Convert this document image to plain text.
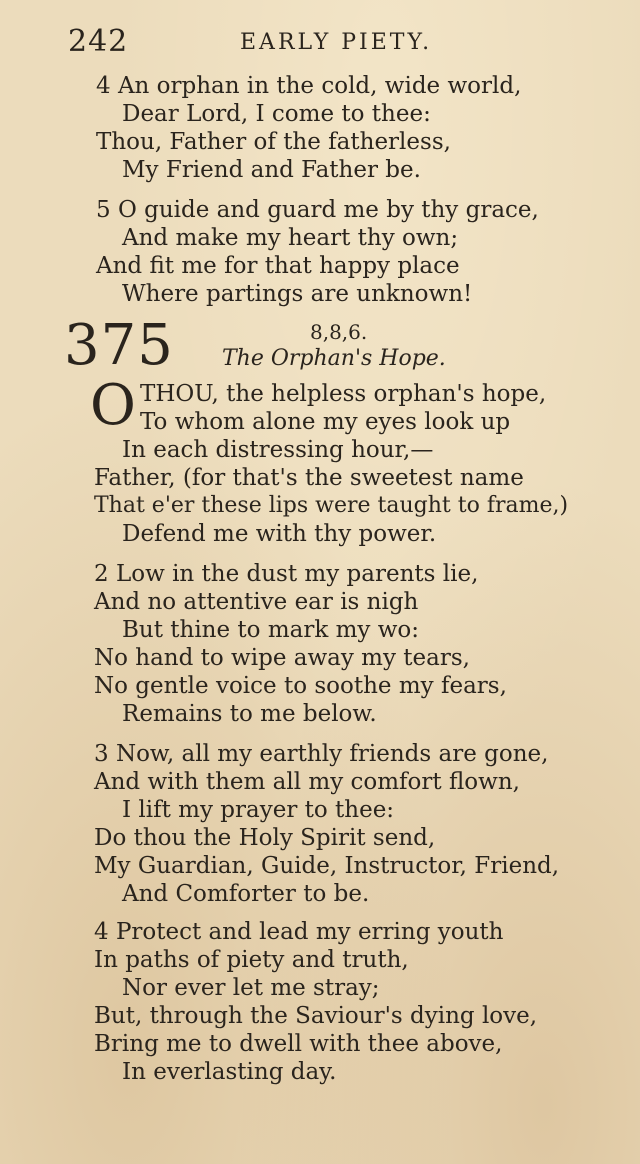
242	EARLY PIETY.
4 An orphan in the cold, wide world,
Dear Lord, I come to thee:
Thou, Father of the fatherless,
My Friend and Father be.
5 O guide and guard me by thy grace,
And make my heart thy own;
And fit me for that happy place
Where partings are unknown!
375	8,8,6.
The Orphan's Hope.
O THOU, the helpless orphan's hope,
To whom alone my eyes look up
In each distressing hour,—
Father, (for that's the sweetest name
That e'er these lips were taught to frame,)
Defend me with thy power.
2 Low in the dust my parents lie,
And no attentive ear is nigh
But thine to mark my wo:
No hand to wipe away my tears,
No gentle voice to soothe my fears,
Remains to me below.
3 Now, all my earthly friends are gone,
And with them all my comfort flown,
I lift my prayer to thee:
Do thou the Holy Spirit send,
My Guardian, Guide, Instructor, Friend,
And Comforter to be.
4 Protect and lead my erring youth
In paths of piety and truth,
Nor ever let me stray;
But, through the Saviour's dying love,
Bring me to dwell with thee above,
In everlasting day.
